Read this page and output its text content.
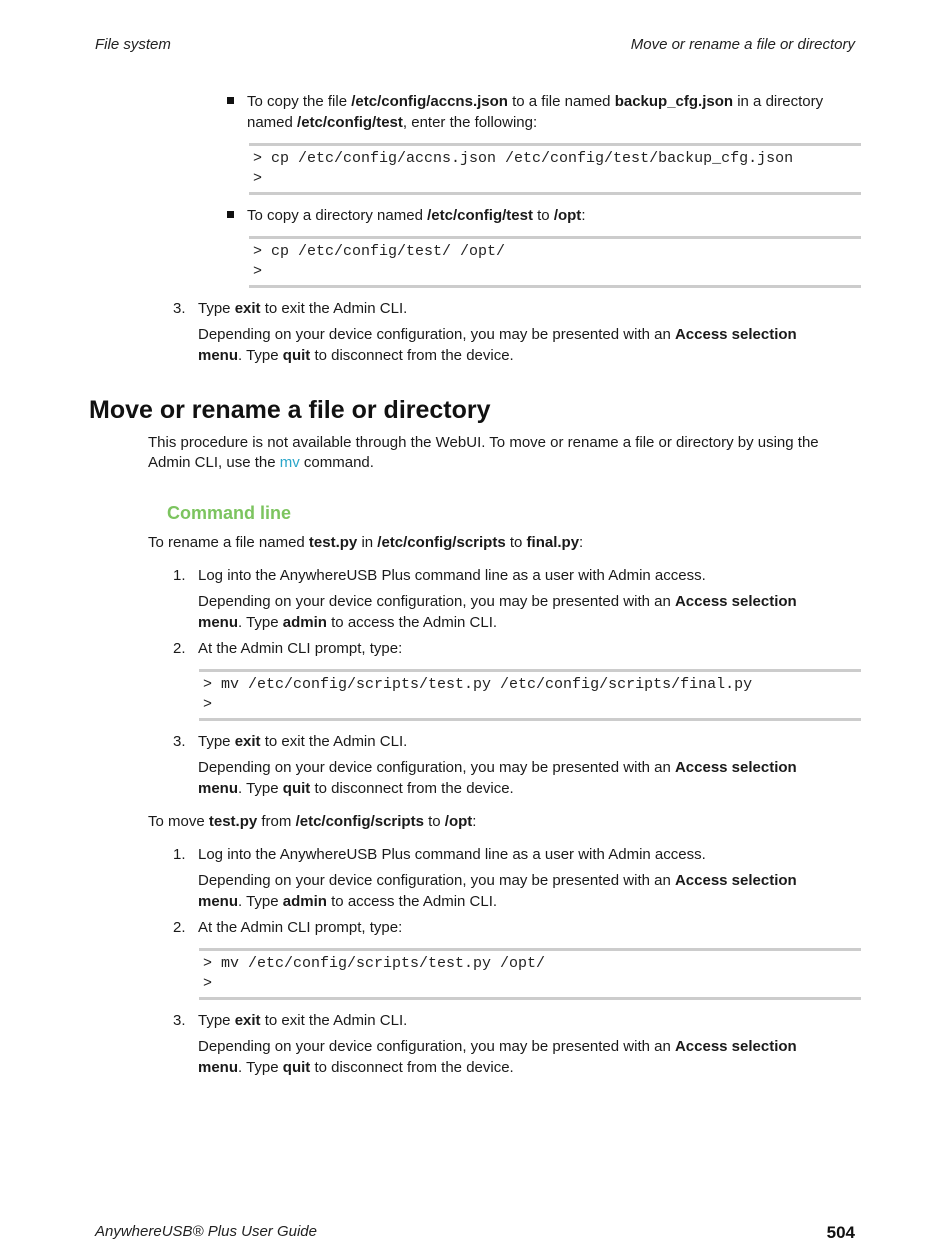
File system	Move or rename a file or directory
To copy the file /etc/config/accns.json to a file named backup_cfg.json in a directory
named /etc/config/test, enter the following:
> cp /etc/config/accns.json /etc/config/test/backup_cfg.json
>
To copy a directory named /etc/config/test to /opt:
> cp /etc/config/test/ /opt/
>
3. Type exit to exit the Admin CLI.
Depending on your device configuration, you may be presented with an Access selection
menu. Type quit to disconnect from the device.
Move or rename a file or directory
This procedure is not available through the WebUI. To move or rename a file or directory by using the
Admin CLI, use the mv command.
Command line
To rename a file named test.py in /etc/config/scripts to final.py:
1. Log into the AnywhereUSB Plus command line as a user with Admin access.
Depending on your device configuration, you may be presented with an Access selection
menu. Type admin to access the Admin CLI.
2. At the Admin CLI prompt, type:
> mv /etc/config/scripts/test.py /etc/config/scripts/final.py
>
3. Type exit to exit the Admin CLI.
Depending on your device configuration, you may be presented with an Access selection
menu. Type quit to disconnect from the device.
To move test.py from /etc/config/scripts to /opt:
1. Log into the AnywhereUSB Plus command line as a user with Admin access.
Depending on your device configuration, you may be presented with an Access selection
menu. Type admin to access the Admin CLI.
2. At the Admin CLI prompt, type:
> mv /etc/config/scripts/test.py /opt/
>
3. Type exit to exit the Admin CLI.
Depending on your device configuration, you may be presented with an Access selection
menu. Type quit to disconnect from the device.
AnywhereUSB® Plus User Guide	504
